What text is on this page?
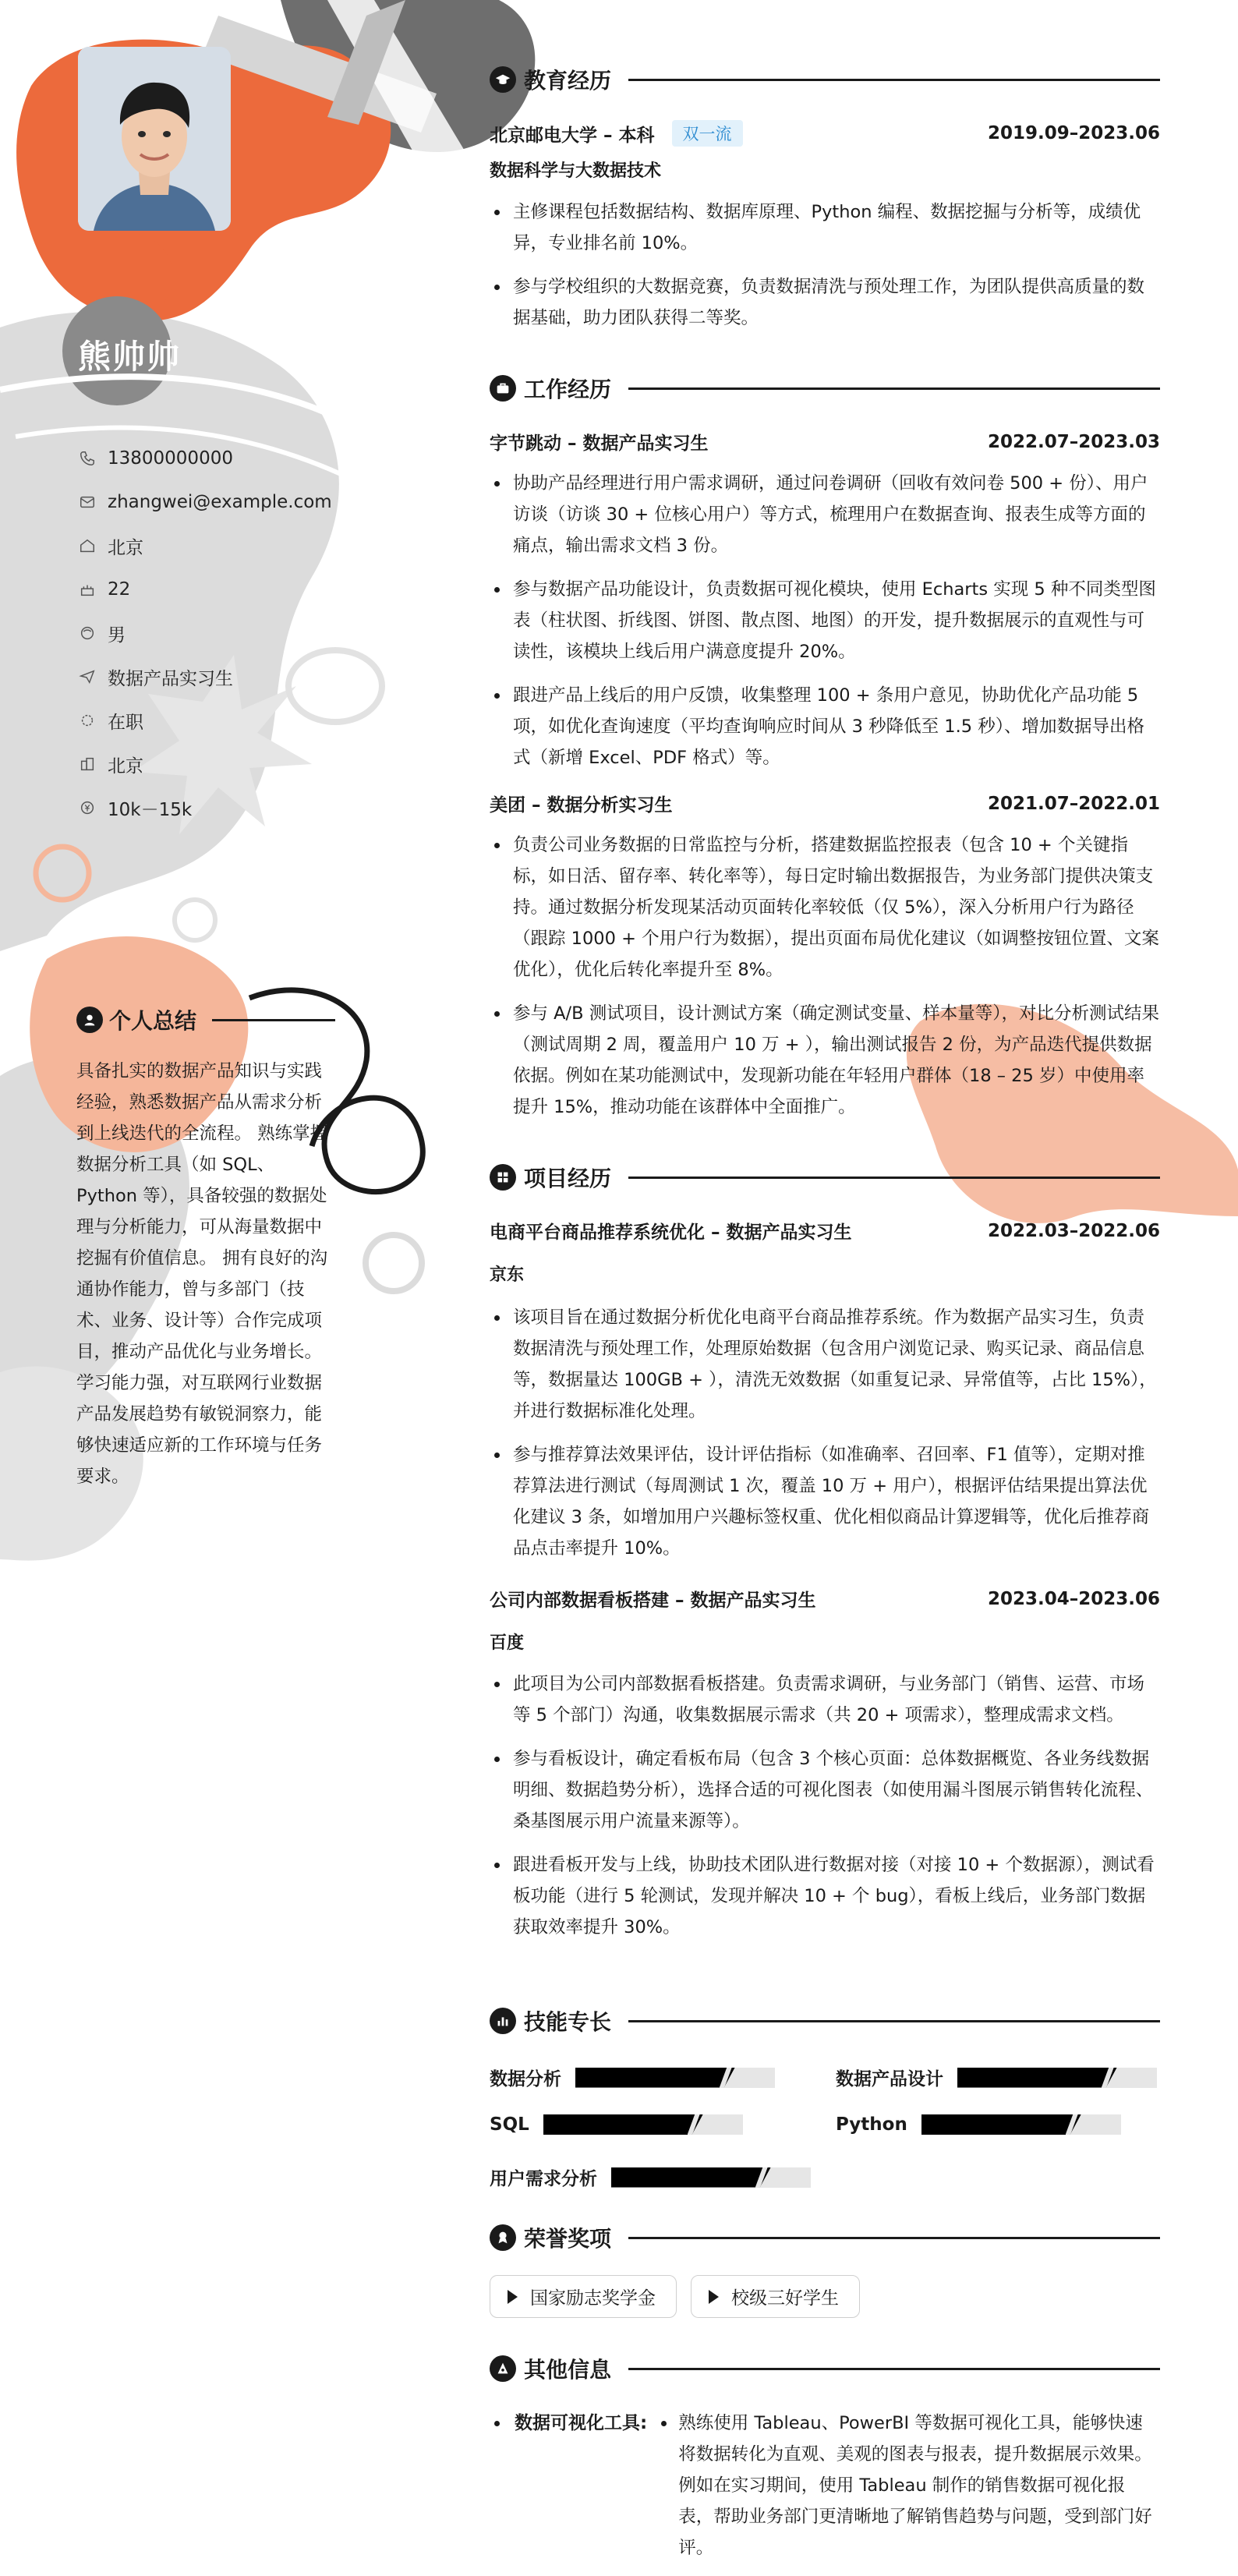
熊帅帅
13800000000
zhangwei@example.com
北京
22
男
数据产品实习生
在职
北京
10k－15k
个人总结
具备扎实的数据产品知识与实践经验，熟悉数据产品从需求分析到上线迭代的全流程。 熟练掌握数据分析工具（如 SQL、Python 等），具备较强的数据处理与分析能力，可从海量数据中挖掘有价值信息。 拥有良好的沟通协作能力，曾与多部门（技术、业务、设计等）合作完成项目，推动产品优化与业务增长。 学习能力强，对互联网行业数据产品发展趋势有敏锐洞察力，能够快速适应新的工作环境与任务要求。
教育经历
北京邮电大学 – 本科	双一流	2019.09–2023.06
数据科学与大数据技术
主修课程包括数据结构、数据库原理、Python 编程、数据挖掘与分析等，成绩优异，专业排名前 10%。
参与学校组织的大数据竞赛，负责数据清洗与预处理工作，为团队提供高质量的数据基础，助力团队获得二等奖。
工作经历
字节跳动 – 数据产品实习生	2022.07–2023.03
协助产品经理进行用户需求调研，通过问卷调研（回收有效问卷 500 + 份）、用户访谈（访谈 30 + 位核心用户）等方式，梳理用户在数据查询、报表生成等方面的痛点，输出需求文档 3 份。
参与数据产品功能设计，负责数据可视化模块，使用 Echarts 实现 5 种不同类型图表（柱状图、折线图、饼图、散点图、地图）的开发，提升数据展示的直观性与可读性，该模块上线后用户满意度提升 20%。
跟进产品上线后的用户反馈，收集整理 100 + 条用户意见，协助优化产品功能 5 项，如优化查询速度（平均查询响应时间从 3 秒降低至 1.5 秒）、增加数据导出格式（新增 Excel、PDF 格式）等。
美团 – 数据分析实习生	2021.07–2022.01
负责公司业务数据的日常监控与分析，搭建数据监控报表（包含 10 + 个关键指标，如日活、留存率、转化率等），每日定时输出数据报告，为业务部门提供决策支持。通过数据分析发现某活动页面转化率较低（仅 5%），深入分析用户行为路径（跟踪 1000 + 个用户行为数据），提出页面布局优化建议（如调整按钮位置、文案优化），优化后转化率提升至 8%。
参与 A/B 测试项目，设计测试方案（确定测试变量、样本量等），对比分析测试结果（测试周期 2 周，覆盖用户 10 万 + ），输出测试报告 2 份，为产品迭代提供数据依据。例如在某功能测试中，发现新功能在年轻用户群体（18 – 25 岁）中使用率提升 15%，推动功能在该群体中全面推广。
项目经历
电商平台商品推荐系统优化 – 数据产品实习生	2022.03–2022.06
京东
该项目旨在通过数据分析优化电商平台商品推荐系统。作为数据产品实习生，负责数据清洗与预处理工作，处理原始数据（包含用户浏览记录、购买记录、商品信息等，数据量达 100GB + ），清洗无效数据（如重复记录、异常值等，占比 15%），并进行数据标准化处理。
参与推荐算法效果评估，设计评估指标（如准确率、召回率、F1 值等），定期对推荐算法进行测试（每周测试 1 次，覆盖 10 万 + 用户），根据评估结果提出算法优化建议 3 条，如增加用户兴趣标签权重、优化相似商品计算逻辑等，优化后推荐商品点击率提升 10%。
公司内部数据看板搭建 – 数据产品实习生	2023.04–2023.06
百度
此项目为公司内部数据看板搭建。负责需求调研，与业务部门（销售、运营、市场等 5 个部门）沟通，收集数据展示需求（共 20 + 项需求），整理成需求文档。
参与看板设计，确定看板布局（包含 3 个核心页面：总体数据概览、各业务线数据明细、数据趋势分析），选择合适的可视化图表（如使用漏斗图展示销售转化流程、桑基图展示用户流量来源等）。
跟进看板开发与上线，协助技术团队进行数据对接（对接 10 + 个数据源），测试看板功能（进行 5 轮测试，发现并解决 10 + 个 bug），看板上线后，业务部门数据获取效率提升 30%。
技能专长
数据分析	数据产品设计
SQL	Python
用户需求分析
荣誉奖项
国家励志奖学金	校级三好学生
其他信息
数据可视化工具:	熟练使用 Tableau、PowerBI 等数据可视化工具，能够快速将数据转化为直观、美观的图表与报表，提升数据展示效果。例如在实习期间，使用 Tableau 制作的销售数据可视化报表，帮助业务部门更清晰地了解销售趋势与问题，受到部门好评。
